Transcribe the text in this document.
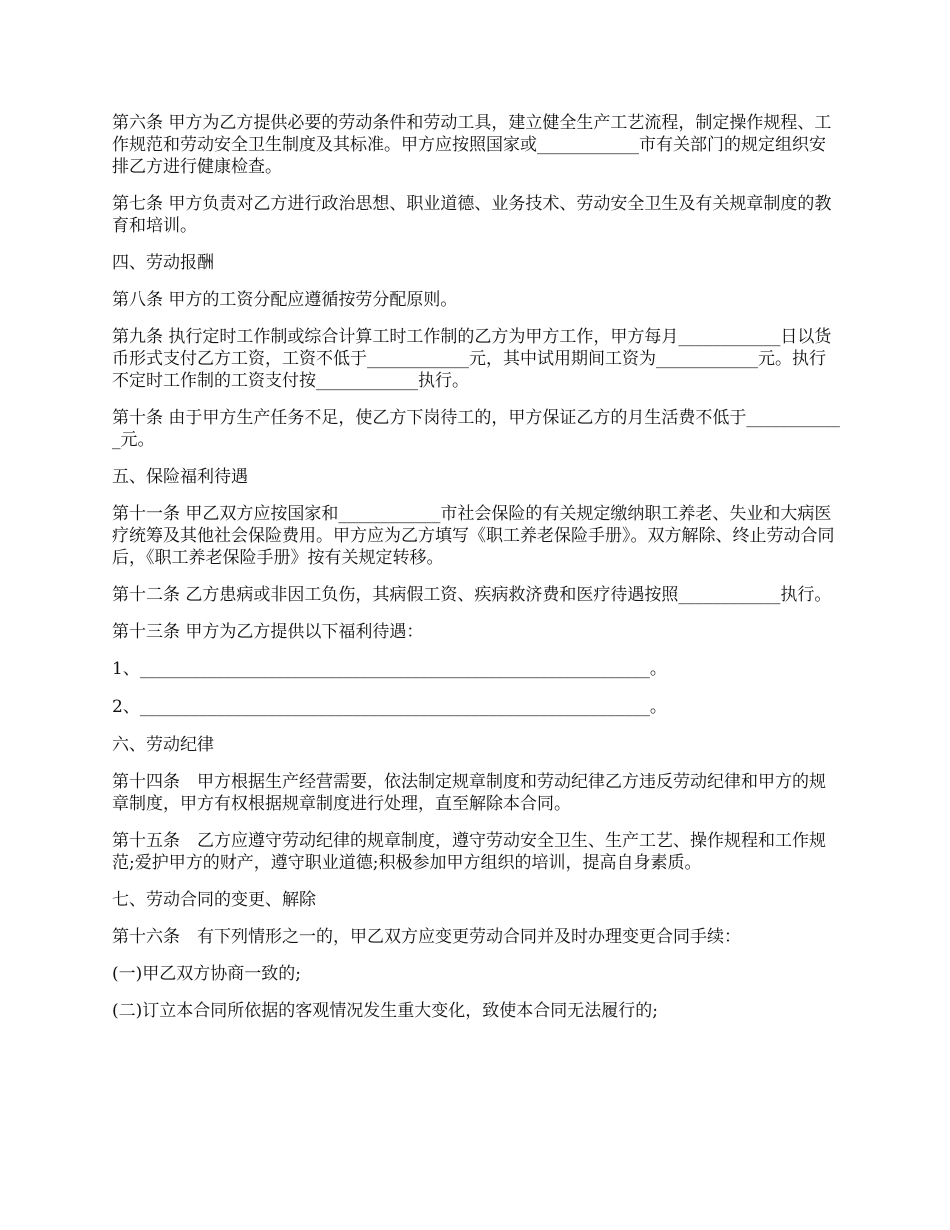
第六条 甲方为乙方提供必要的劳动条件和劳动工具，建立健全生产工艺流程，制定操作规程、工作规范和劳动安全卫生制度及其标准。甲方应按照国家或____________市有关部门的规定组织安排乙方进行健康检查。

第七条 甲方负责对乙方进行政治思想、职业道德、业务技术、劳动安全卫生及有关规章制度的教育和培训。

四、劳动报酬

第八条 甲方的工资分配应遵循按劳分配原则。

第九条 执行定时工作制或综合计算工时工作制的乙方为甲方工作，甲方每月____________日以货币形式支付乙方工资，工资不低于____________元，其中试用期间工资为____________元。执行不定时工作制的工资支付按____________执行。

第十条 由于甲方生产任务不足，使乙方下岗待工的，甲方保证乙方的月生活费不低于____________元。

五、保险福利待遇

第十一条 甲乙双方应按国家和____________市社会保险的有关规定缴纳职工养老、失业和大病医疗统筹及其他社会保险费用。甲方应为乙方填写《职工养老保险手册》。双方解除、终止劳动合同后，《职工养老保险手册》按有关规定转移。

第十二条 乙方患病或非因工负伤，其病假工资、疾病救济费和医疗待遇按照____________执行。

第十三条 甲方为乙方提供以下福利待遇：

1、____________________________________________________________。

2、____________________________________________________________。

六、劳动纪律

第十四条　甲方根据生产经营需要，依法制定规章制度和劳动纪律乙方违反劳动纪律和甲方的规章制度，甲方有权根据规章制度进行处理，直至解除本合同。

第十五条　乙方应遵守劳动纪律的规章制度，遵守劳动安全卫生、生产工艺、操作规程和工作规范;爱护甲方的财产，遵守职业道德;积极参加甲方组织的培训，提高自身素质。

七、劳动合同的变更、解除

第十六条　有下列情形之一的，甲乙双方应变更劳动合同并及时办理变更合同手续：

(一)甲乙双方协商一致的;

(二)订立本合同所依据的客观情况发生重大变化，致使本合同无法履行的;
